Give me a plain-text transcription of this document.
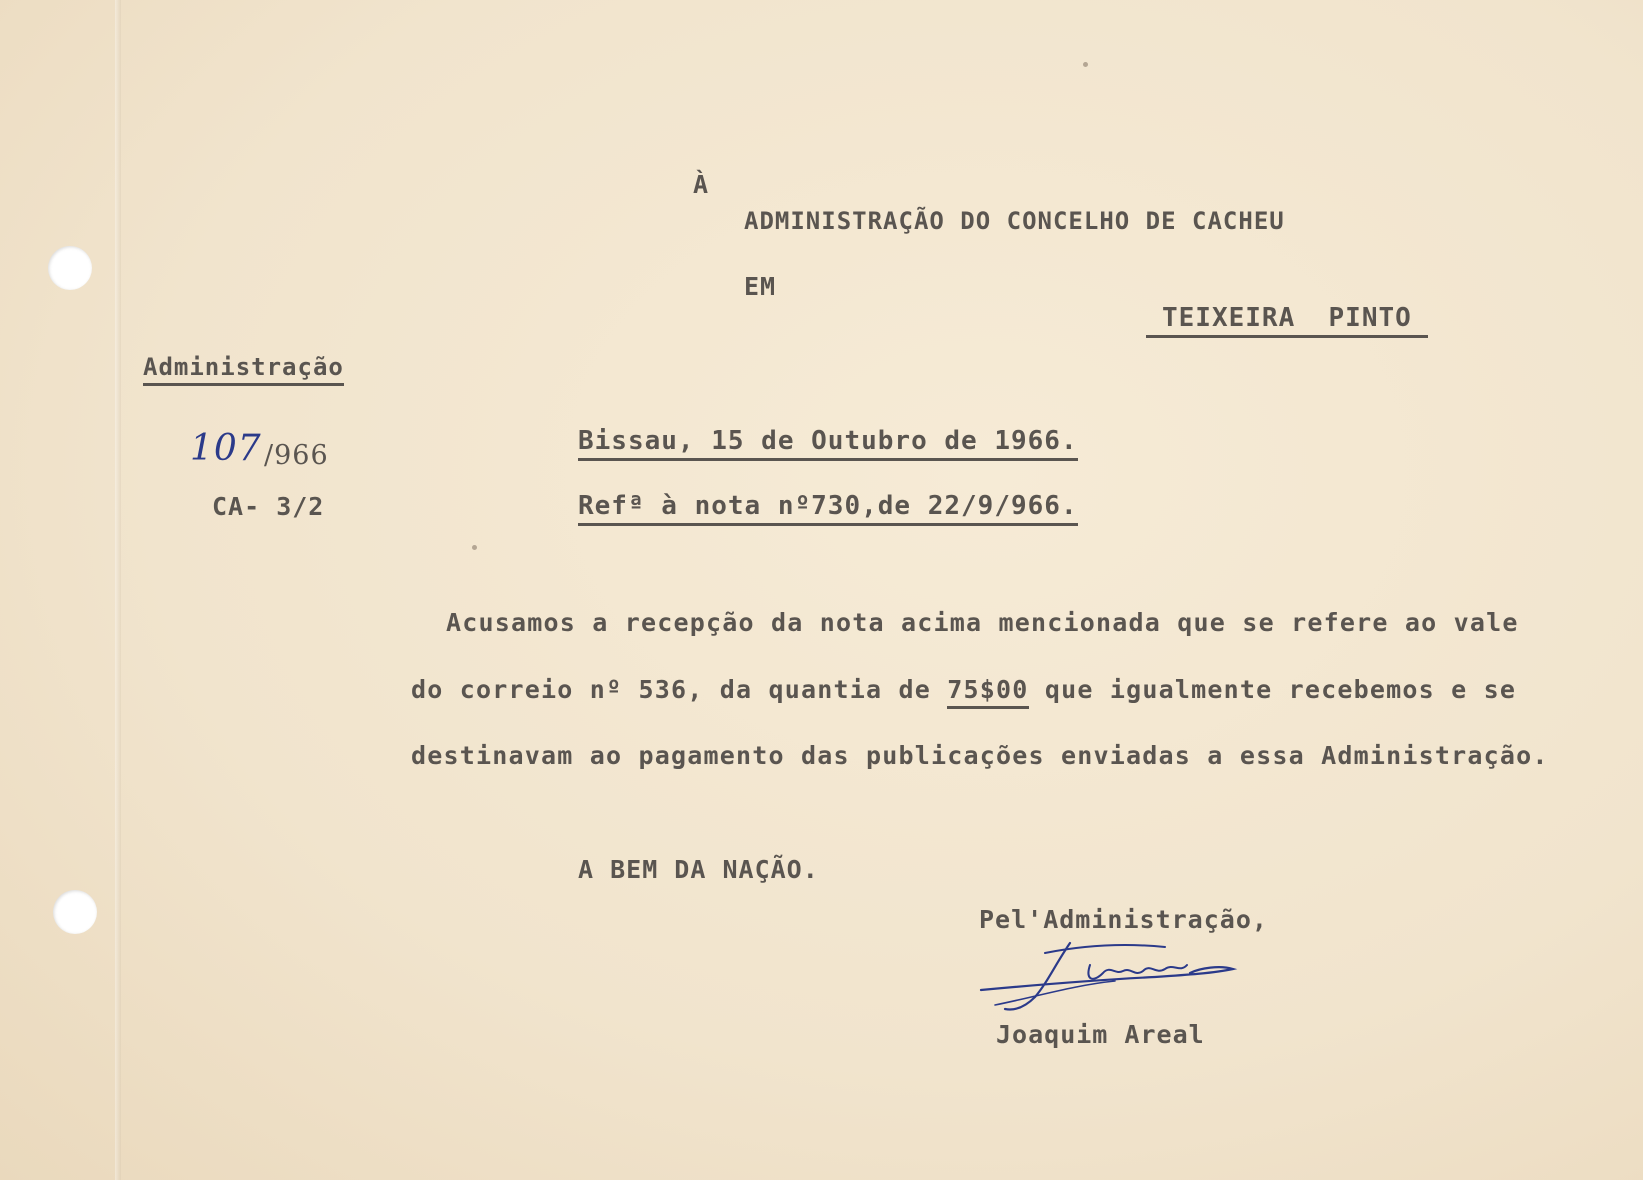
À
ADMINISTRAÇÃO DO CONCELHO DE CACHEU
EM
TEIXEIRA  PINTO
Administração
107 /966
CA- 3/2
Bissau, 15 de Outubro de 1966.
Refª à nota nº730,de 22/9/966.
Acusamos a recepção da nota acima mencionada que se refere ao vale
do correio nº 536, da quantia de 75$00 que igualmente recebemos e se
destinavam ao pagamento das publicações enviadas a essa Administração.
A BEM DA NAÇÃO.
Pel'Administração,
Joaquim Areal
